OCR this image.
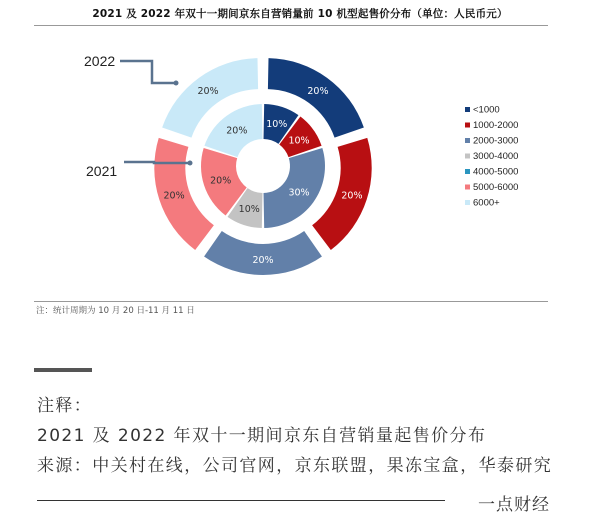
2021 及 2022 年双十一期间京东自营销量前 10 机型起售价分布（单位：人民币元）
10%
10%
30%
10%
20%
20%
20%
20%
20%
20%
20%
2022
2021
<1000
1000-2000
2000-3000
3000-4000
4000-5000
5000-6000
6000+
注：统计周期为 10 月 20 日-11 月 11 日
注释：
2021 及 2022 年双十一期间京东自营销量起售价分布
来源：中关村在线，公司官网，京东联盟，果冻宝盒，华泰研究
一点财经
